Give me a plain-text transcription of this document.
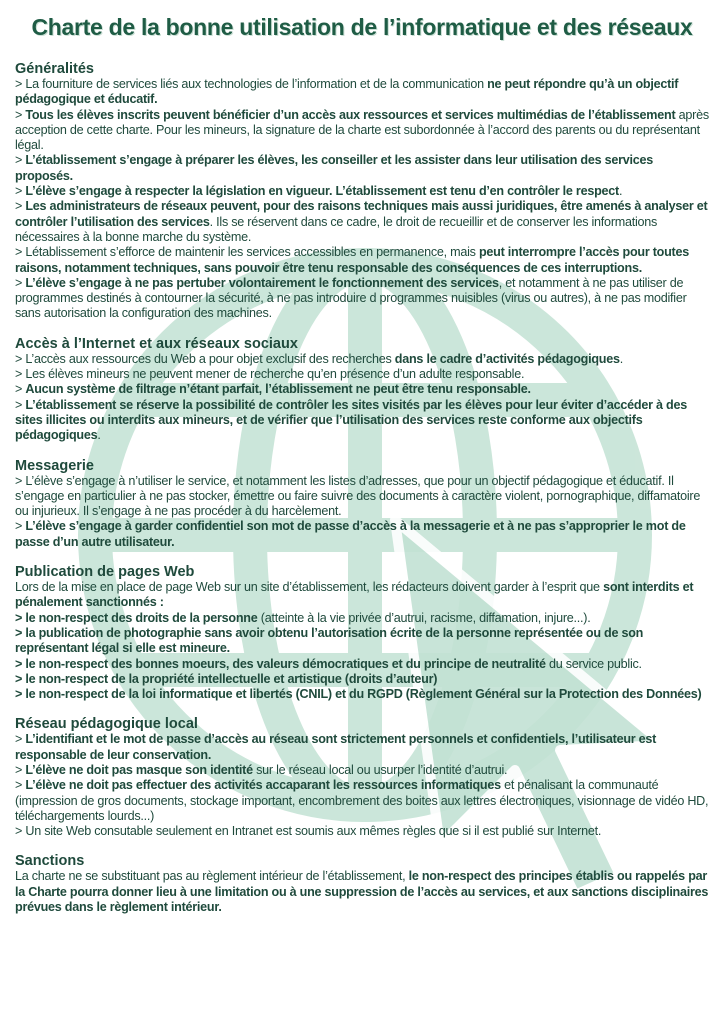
Charte de la bonne utilisation de l’informatique et des réseaux
Généralités

> La fourniture de services liés aux technologies de l’information et de la communication ne peut répondre qu’à un objectif pédagogique et éducatif.

> Tous les élèves inscrits peuvent bénéficier d’un accès aux ressources et services multimédias de l’établissement après acception de cette charte. Pour les mineurs, la signature de la charte est subordonnée à l’accord des parents ou du représentant légal.

> L’établissement s’engage à préparer les élèves, les conseiller et les assister dans leur utilisation des services proposés.

> L’élève s’engage à respecter la législation en vigueur. L’établissement est tenu d’en contrôler le respect.

> Les administrateurs de réseaux peuvent, pour des raisons techniques mais aussi juridiques, être amenés à analyser et contrôler l’utilisation des services. Ils se réservent dans ce cadre, le droit de recueillir et de conserver les informations nécessaires à la bonne marche du système.

> Létablissement s’efforce de maintenir les services accessibles en permanence, mais peut interrompre l’accès pour toutes raisons, notamment techniques, sans pouvoir être tenu responsable des conséquences de ces interruptions.

> L’élève s’engage à ne pas pertuber volontairement le fonctionnement des services, et notamment à ne pas utiliser de programmes destinés à contourner la sécurité, à ne pas introduire d programmes nuisibles (virus ou autres), à ne pas modifier sans autorisation la configuration des machines.

Accès à l’Internet et aux réseaux sociaux

> L’accès aux ressources du Web a pour objet exclusif des recherches dans le cadre d’activités pédagogiques.

> Les élèves mineurs ne peuvent mener de recherche qu’en présence d’un adulte responsable.

> Aucun système de filtrage n’étant parfait, l’établissement ne peut être tenu responsable.

> L’établissement se réserve la possibilité de contrôler les sites visités par les élèves pour leur éviter d’accéder à des sites illicites ou interdits aux mineurs, et de vérifier que l’utilisation des services reste conforme aux objectifs pédagogiques.

Messagerie

> L’élève s’engage à n’utiliser le service, et notamment les listes d’adresses, que pour un objectif pédagogique et éducatif. Il s’engage en particulier à ne pas stocker, émettre ou faire suivre des documents à caractère violent, pornographique, diffamatoire ou injurieux. Il s’engage à ne pas procéder à du harcèlement.

> L’élève s’engage à garder confidentiel son mot de passe d’accès à la messagerie et à ne pas s’approprier le mot de passe d’un autre utilisateur.

Publication de pages Web

Lors de la mise en place de page Web sur un site d’établissement, les rédacteurs doivent garder à l’esprit que sont interdits et pénalement sanctionnés :

> le non-respect des droits de la personne (atteinte à la vie privée d’autrui, racisme, diffamation, injure...).

> la publication de photographie sans avoir obtenu l’autorisation écrite de la personne représentée ou de son représentant légal si elle est mineure.

> le non-respect des bonnes moeurs, des valeurs démocratiques et du principe de neutralité du service public.

> le non-respect de la propriété intellectuelle et artistique (droits d’auteur)

> le non-respect de la loi informatique et libertés (CNIL) et du RGPD (Règlement Général sur la Protection des Données)

Réseau pédagogique local

> L’identifiant et le mot de passe d’accès au réseau sont strictement personnels et confidentiels, l’utilisateur est responsable de leur conservation.

> L’élève ne doit pas masque son identité sur le réseau local ou usurper l’identité d’autrui.

> L’élève ne doit pas effectuer des activités accaparant les ressources informatiques et pénalisant la communauté (impression de gros documents, stockage important, encombrement des boites aux lettres électroniques, visionnage de vidéo HD, téléchargements lourds...)

> Un site Web consutable seulement en Intranet est soumis aux mêmes règles que si il est publié sur Internet.

Sanctions

La charte ne se substituant pas au règlement intérieur de l’établissement, le non-respect des principes établis ou rappelés par la Charte pourra donner lieu à une limitation ou à une suppression de l’accès au services, et aux sanctions disciplinaires prévues dans le règlement intérieur.
